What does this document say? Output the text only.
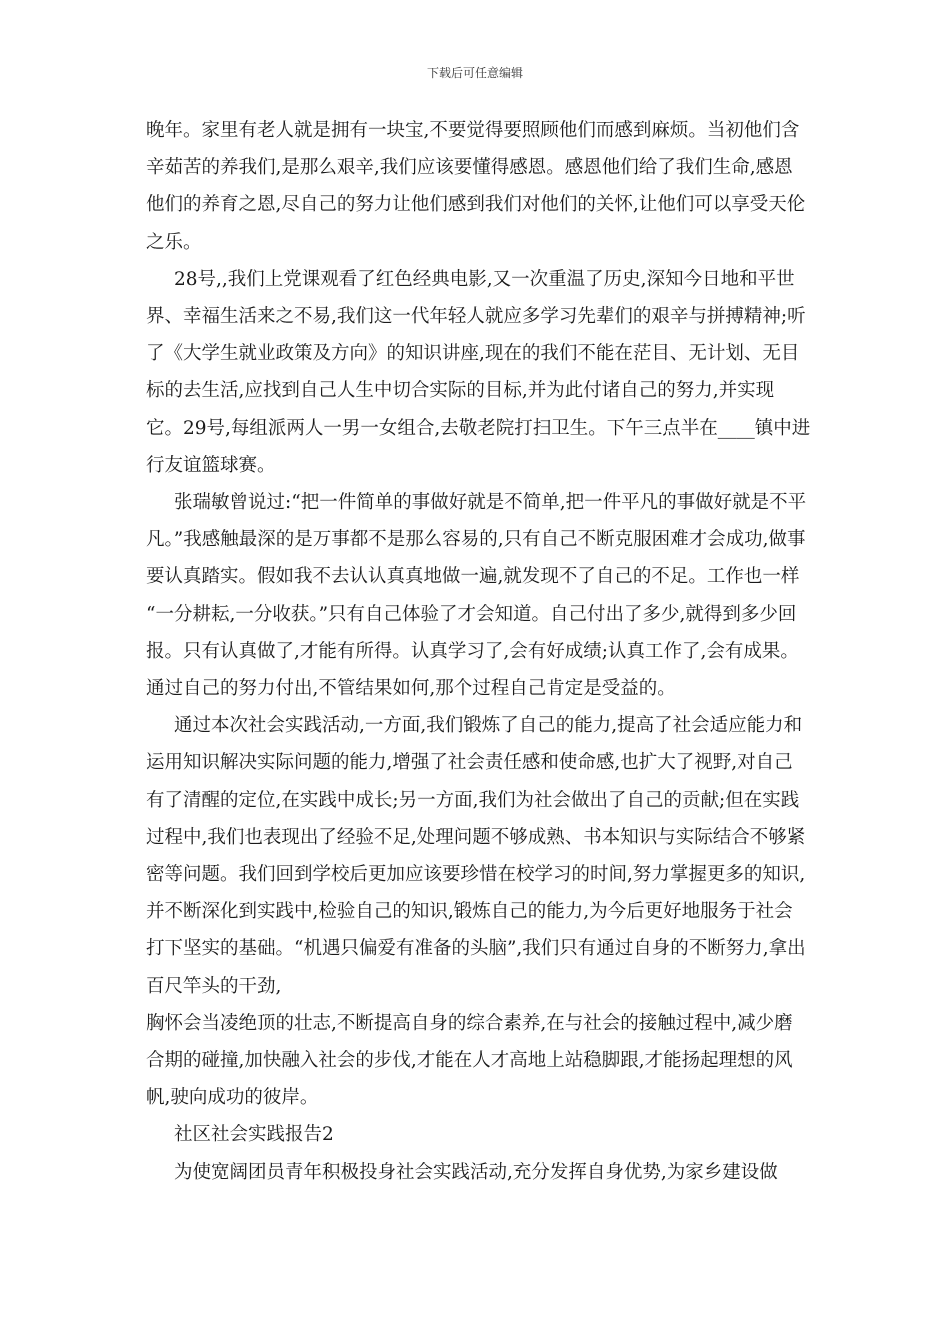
下载后可任意编辑

晚年。家里有老人就是拥有一块宝,不要觉得要照顾他们而感到麻烦。当初他们含辛茹苦的养我们,是那么艰辛,我们应该要懂得感恩。感恩他们给了我们生命,感恩他们的养育之恩,尽自己的努力让他们感到我们对他们的关怀,让他们可以享受天伦之乐。

28号,,我们上党课观看了红色经典电影,又一次重温了历史,深知今日地和平世界、幸福生活来之不易,我们这一代年轻人就应多学习先辈们的艰辛与拼搏精神;听了《大学生就业政策及方向》的知识讲座,现在的我们不能在茫目、无计划、无目标的去生活,应找到自己人生中切合实际的目标,并为此付诸自己的努力,并实现它。29号,每组派两人一男一女组合,去敬老院打扫卫生。下午三点半在____镇中进行友谊篮球赛。

张瑞敏曾说过:“把一件简单的事做好就是不简单,把一件平凡的事做好就是不平凡。”我感触最深的是万事都不是那么容易的,只有自己不断克服困难才会成功,做事要认真踏实。假如我不去认认真真地做一遍,就发现不了自己的不足。工作也一样

“一分耕耘,一分收获。”只有自己体验了才会知道。自己付出了多少,就得到多少回报。只有认真做了,才能有所得。认真学习了,会有好成绩;认真工作了,会有成果。通过自己的努力付出,不管结果如何,那个过程自己肯定是受益的。

通过本次社会实践活动,一方面,我们锻炼了自己的能力,提高了社会适应能力和运用知识解决实际问题的能力,增强了社会责任感和使命感,也扩大了视野,对自己有了清醒的定位,在实践中成长;另一方面,我们为社会做出了自己的贡献;但在实践过程中,我们也表现出了经验不足,处理问题不够成熟、书本知识与实际结合不够紧密等问题。我们回到学校后更加应该要珍惜在校学习的时间,努力掌握更多的知识,并不断深化到实践中,检验自己的知识,锻炼自己的能力,为今后更好地服务于社会打下坚实的基础。“机遇只偏爱有准备的头脑”,我们只有通过自身的不断努力,拿出百尺竿头的干劲,

胸怀会当凌绝顶的壮志,不断提高自身的综合素养,在与社会的接触过程中,减少磨合期的碰撞,加快融入社会的步伐,才能在人才高地上站稳脚跟,才能扬起理想的风帆,驶向成功的彼岸。

社区社会实践报告2

为使宽阔团员青年积极投身社会实践活动,充分发挥自身优势,为家乡建设做
